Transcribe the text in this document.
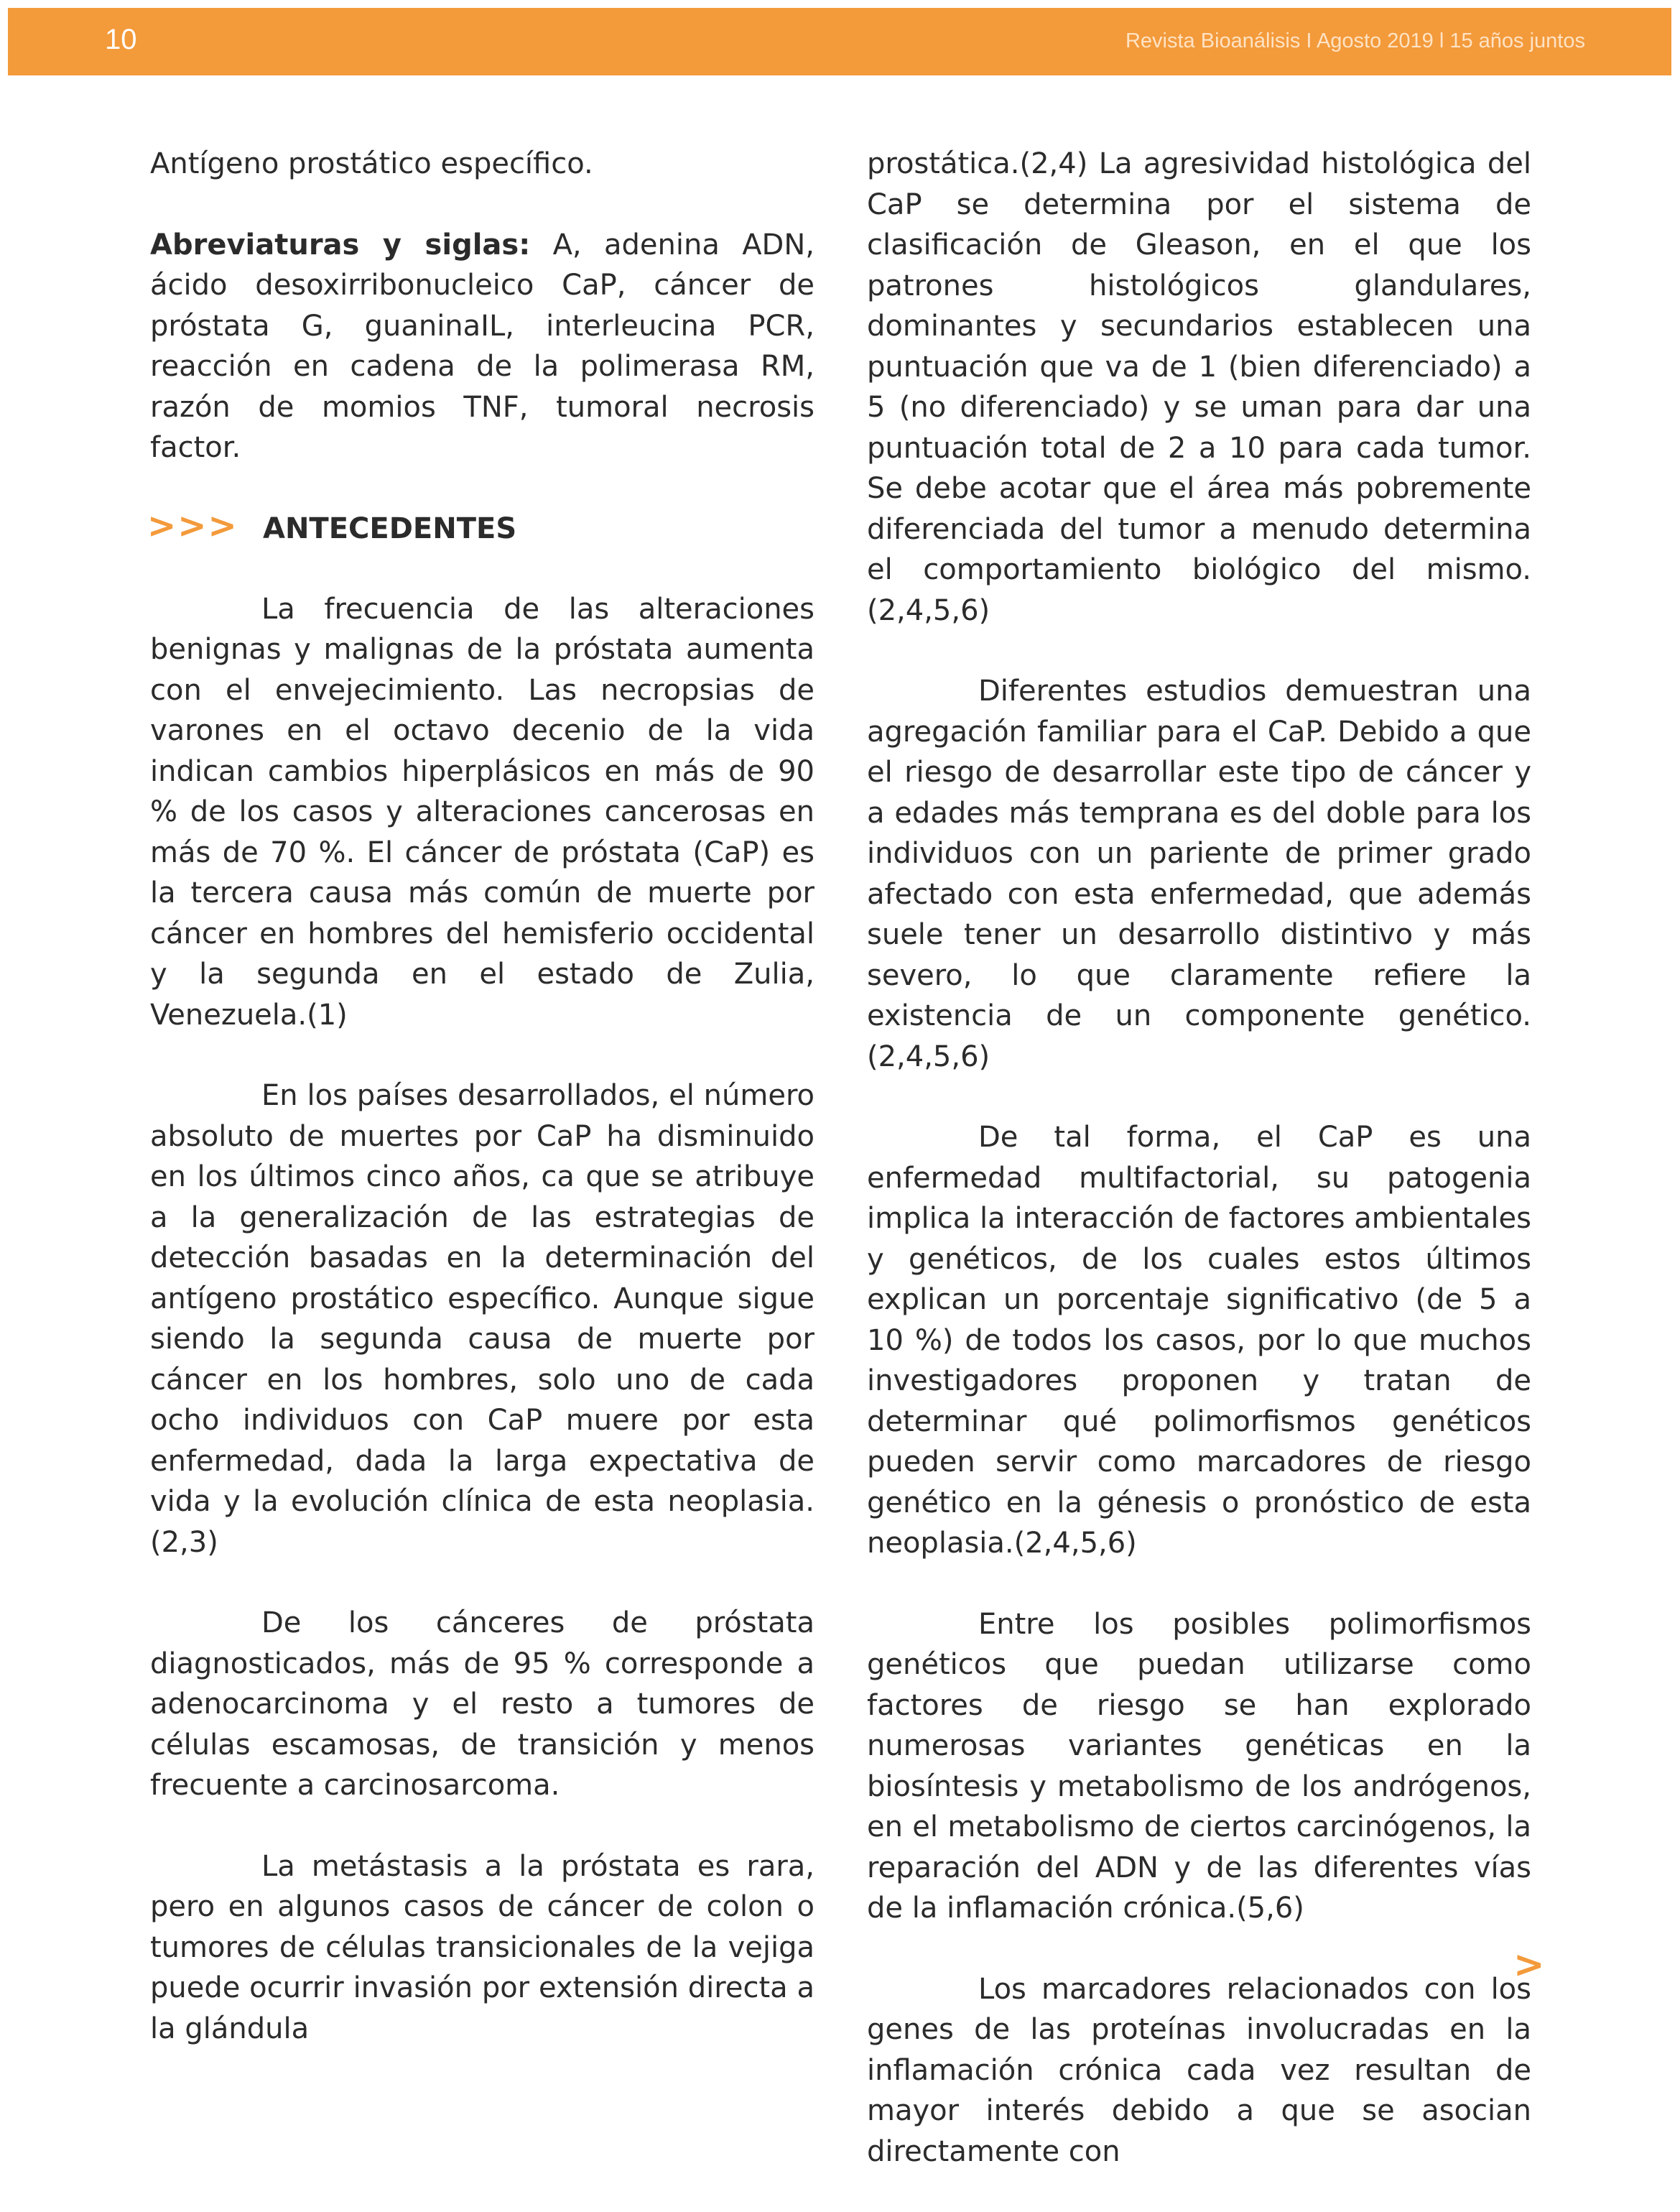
10	Revista Bioanálisis I Agosto 2019 l 15 años juntos

Antígeno prostático específico.

Abreviaturas y siglas: A, adenina ADN, ácido desoxirribonucleico CaP, cáncer de próstata G, guaninaIL, interleucina PCR, reacción en cadena de la polimerasa RM, razón de momios TNF, tumoral necrosis factor.

>>> ANTECEDENTES

La frecuencia de las alteraciones benignas y malignas de la próstata aumenta con el envejecimiento. Las necropsias de varones en el octavo decenio de la vida indican cambios hiperplásicos en más de 90 % de los casos y alteraciones cancerosas en más de 70 %. El cáncer de próstata (CaP) es la tercera causa más común de muerte por cáncer en hombres del hemisferio occidental y la segunda en el estado de Zulia, Venezuela.(1)

En los países desarrollados, el número absoluto de muertes por CaP ha disminuido en los últimos cinco años, ca que se atribuye a la generalización de las estrategias de detección basadas en la determinación del antígeno prostático específico. Aunque sigue siendo la segunda causa de muerte por cáncer en los hombres, solo uno de cada ocho individuos con CaP muere por esta enfermedad, dada la larga expectativa de vida y la evolución clínica de esta neoplasia.(2,3)

De los cánceres de próstata diagnosticados, más de 95 % corresponde a adenocarcinoma y el resto a tumores de células escamosas, de transición y menos frecuente a carcinosarcoma.

La metástasis a la próstata es rara, pero en algunos casos de cáncer de colon o tumores de células transicionales de la vejiga puede ocurrir invasión por extensión directa a la glándula

prostática.(2,4) La agresividad histológica del CaP se determina por el sistema de clasificación de Gleason, en el que los patrones histológicos glandulares, dominantes y secundarios establecen una puntuación que va de 1 (bien diferenciado) a 5 (no diferenciado) y se uman para dar una puntuación total de 2 a 10 para cada tumor. Se debe acotar que el área más pobremente diferenciada del tumor a menudo determina el comportamiento biológico del mismo.(2,4,5,6)

Diferentes estudios demuestran una agregación familiar para el CaP. Debido a que el riesgo de desarrollar este tipo de cáncer y a edades más temprana es del doble para los individuos con un pariente de primer grado afectado con esta enfermedad, que además suele tener un desarrollo distintivo y más severo, lo que claramente refiere la existencia de un componente genético.(2,4,5,6)

De tal forma, el CaP es una enfermedad multifactorial, su patogenia implica la interacción de factores ambientales y genéticos, de los cuales estos últimos explican un porcentaje significativo (de 5 a 10 %) de todos los casos, por lo que muchos investigadores proponen y tratan de determinar qué polimorfismos genéticos pueden servir como marcadores de riesgo genético en la génesis o pronóstico de esta neoplasia.(2,4,5,6)

Entre los posibles polimorfismos genéticos que puedan utilizarse como factores de riesgo se han explorado numerosas variantes genéticas en la biosíntesis y metabolismo de los andrógenos, en el metabolismo de ciertos carcinógenos, la reparación del ADN y de las diferentes vías de la inflamación crónica.(5,6)

Los marcadores relacionados con los genes de las proteínas involucradas en la inflamación crónica cada vez resultan de mayor interés debido a que se asocian directamente con

>
